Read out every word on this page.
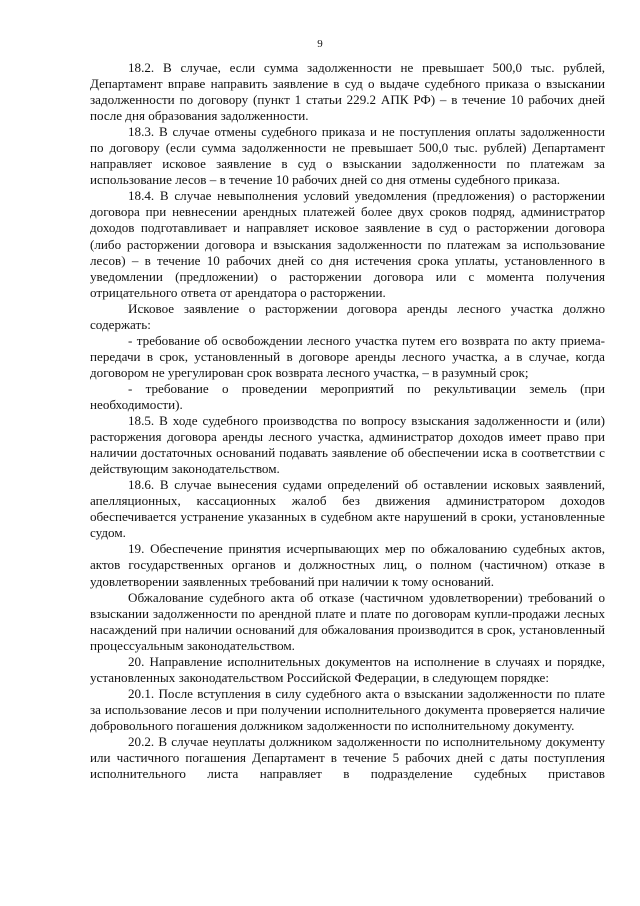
9

18.2. В случае, если сумма задолженности не превышает 500,0 тыс. рублей, Департамент вправе направить заявление в суд о выдаче судебного приказа о взыскании задолженности по договору (пункт 1 статьи 229.2 АПК РФ) – в течение 10 рабочих дней после дня образования задолженности.

18.3. В случае отмены судебного приказа и не поступления оплаты задолженности по договору (если сумма задолженности не превышает 500,0 тыс. рублей) Департамент направляет исковое заявление в суд о взыскании задолженности по платежам за использование лесов – в течение 10 рабочих дней со дня отмены судебного приказа.

18.4. В случае невыполнения условий уведомления (предложения) о расторжении договора при невнесении арендных платежей более двух сроков подряд, администратор доходов подготавливает и направляет исковое заявление в суд о расторжении договора (либо расторжении договора и взыскания задолженности по платежам за использование лесов) – в течение 10 рабочих дней со дня истечения срока уплаты, установленного в уведомлении (предложении) о расторжении договора или с момента получения отрицательного ответа от арендатора о расторжении.

Исковое заявление о расторжении договора аренды лесного участка должно содержать:

- требование об освобождении лесного участка путем его возврата по акту приема-передачи в срок, установленный в договоре аренды лесного участка, а в случае, когда договором не урегулирован срок возврата лесного участка, – в разумный срок;

- требование о проведении мероприятий по рекультивации земель (при необходимости).

18.5. В ходе судебного производства по вопросу взыскания задолженности и (или) расторжения договора аренды лесного участка, администратор доходов имеет право при наличии достаточных оснований подавать заявление об обеспечении иска в соответствии с действующим законодательством.

18.6. В случае вынесения судами определений об оставлении исковых заявлений, апелляционных, кассационных жалоб без движения администратором доходов обеспечивается устранение указанных в судебном акте нарушений в сроки, установленные судом.

19. Обеспечение принятия исчерпывающих мер по обжалованию судебных актов, актов государственных органов и должностных лиц, о полном (частичном) отказе в удовлетворении заявленных требований при наличии к тому оснований.

Обжалование судебного акта об отказе (частичном удовлетворении) требований о взыскании задолженности по арендной плате и плате по договорам купли-продажи лесных насаждений при наличии оснований для обжалования производится в срок, установленный процессуальным законодательством.

20. Направление исполнительных документов на исполнение в случаях и порядке, установленных законодательством Российской Федерации, в следующем порядке:

20.1. После вступления в силу судебного акта о взыскании задолженности по плате за использование лесов и при получении исполнительного документа проверяется наличие добровольного погашения должником задолженности по исполнительному документу.

20.2. В случае неуплаты должником задолженности по исполнительному документу или частичного погашения Департамент в течение 5 рабочих дней с даты поступления исполнительного листа направляет в подразделение судебных приставов
